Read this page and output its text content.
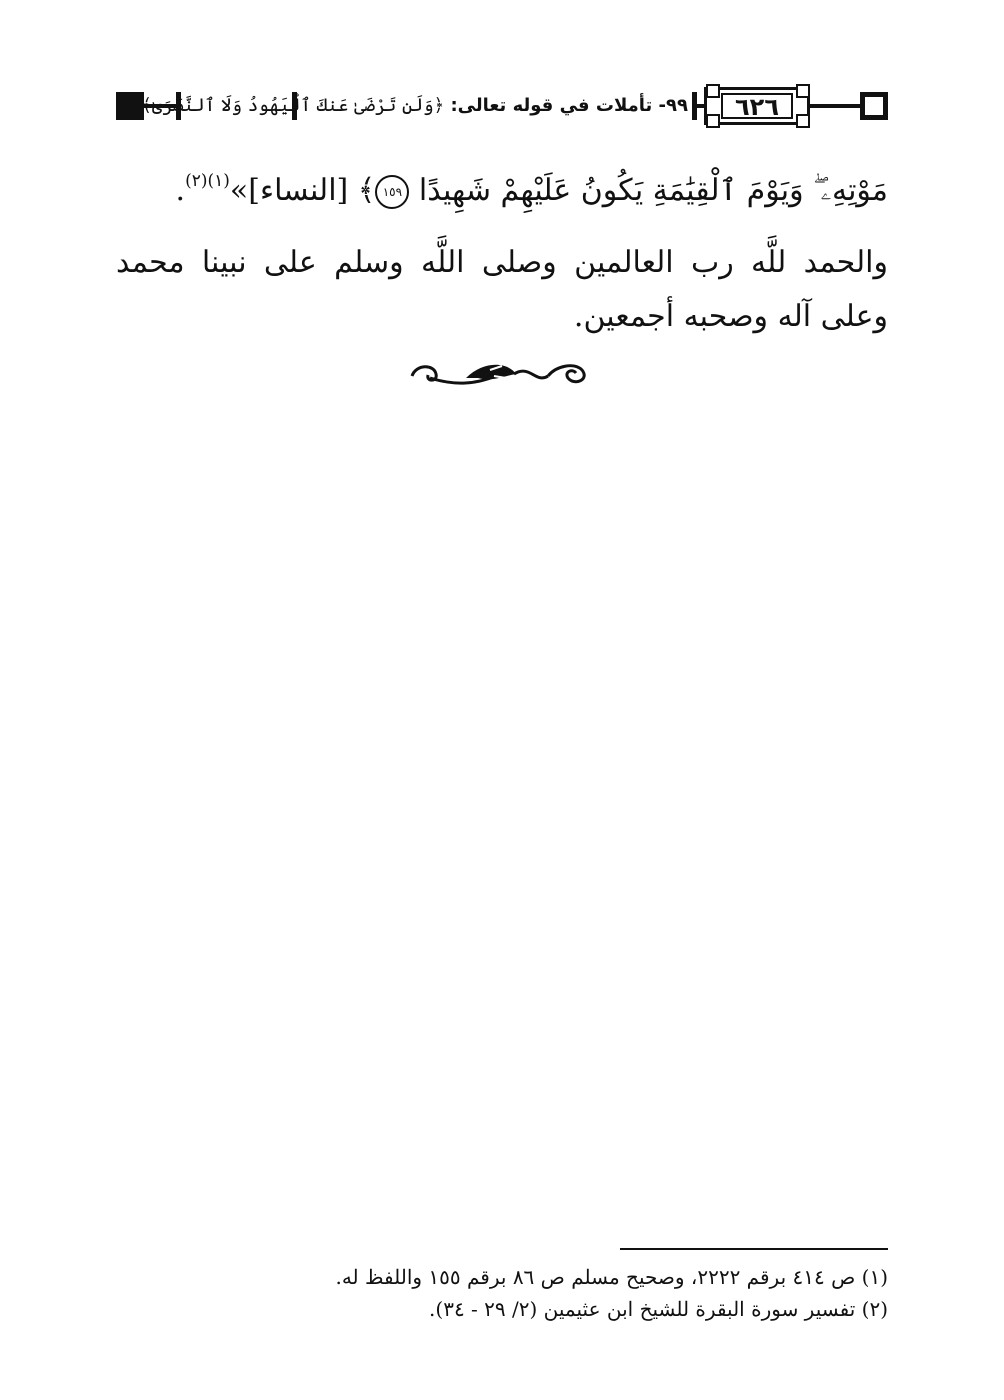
٩٩- تأملات في قوله تعالى: ﴿وَلَن تَرْضَىٰ عَنكَ ٱلْيَهُودُ وَلَا ٱلنَّصَٰرَىٰ﴾	٦٢٦
مَوْتِهِۦ ۖ وَيَوْمَ ٱلْقِيَٰمَةِ يَكُونُ عَلَيْهِمْ شَهِيدًا ١٥٩﴾ [النساء]»$^{(١)(٢)}$.
والحمد للَّه رب العالمين وصلى اللَّه وسلم على نبينا محمد
وعلى آله وصحبه أجمعين.
(١) ص ٤١٤ برقم ٢٢٢٢، وصحيح مسلم ص ٨٦ برقم ١٥٥ واللفظ له.
(٢) تفسير سورة البقرة للشيخ ابن عثيمين (٢/ ٢٩ - ٣٤).
